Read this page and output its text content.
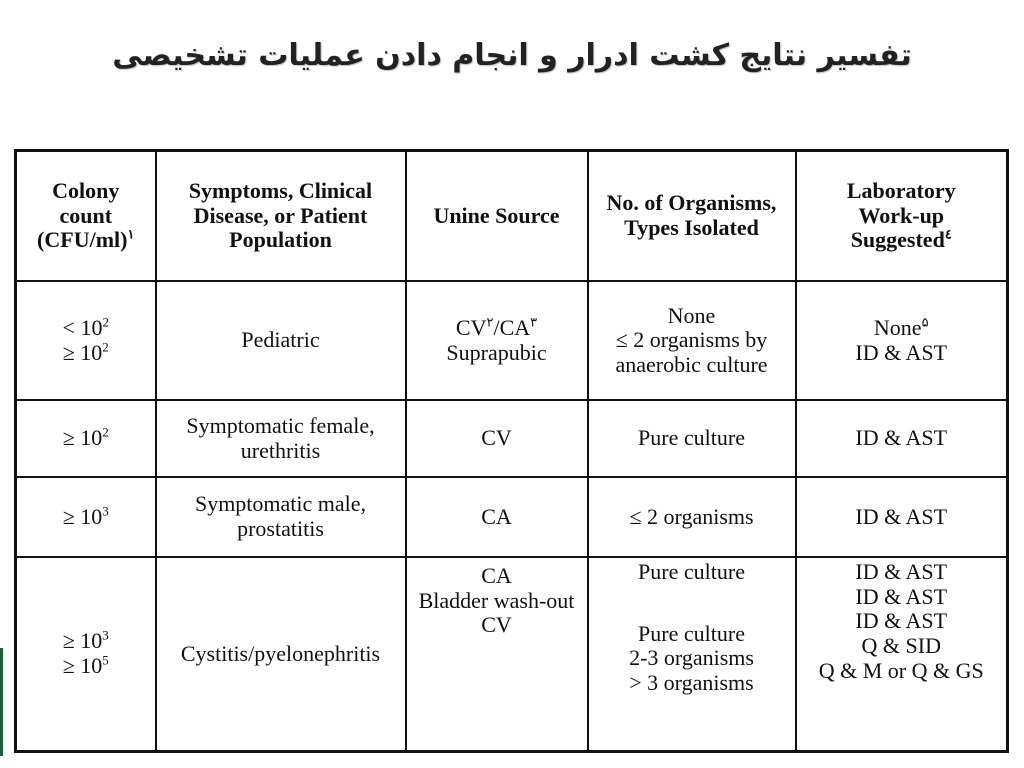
تفسیر نتایج کشت ادرار و انجام دادن عملیات تشخیصی
Colony
count
$(CFU/ml)^۱$	Symptoms, Clinical
Disease, or Patient
Population	Unine Source	No. of Organisms,
Types Isolated	Laboratory
Work-up
Suggested$^٤$

< $10^2$
≥ $10^2$	Pediatric	$CV^۲/CA^۳$
Suprapubic	None
≤ 2 organisms by
anaerobic culture	None$^۵$
ID & AST

≥ $10^2$	Symptomatic female,
urethritis	CV	Pure culture	ID & AST

≥ $10^3$	Symptomatic male,
prostatitis	CA	≤ 2 organisms	ID & AST

≥ $10^3$
≥ $10^5$	Cystitis/pyelonephritis	CA
Bladder wash-out
CV	Pure culture
Pure culture
2-3 organisms
> 3 organisms	ID & AST
ID & AST
ID & AST
Q & SID
Q & M or Q & GS
